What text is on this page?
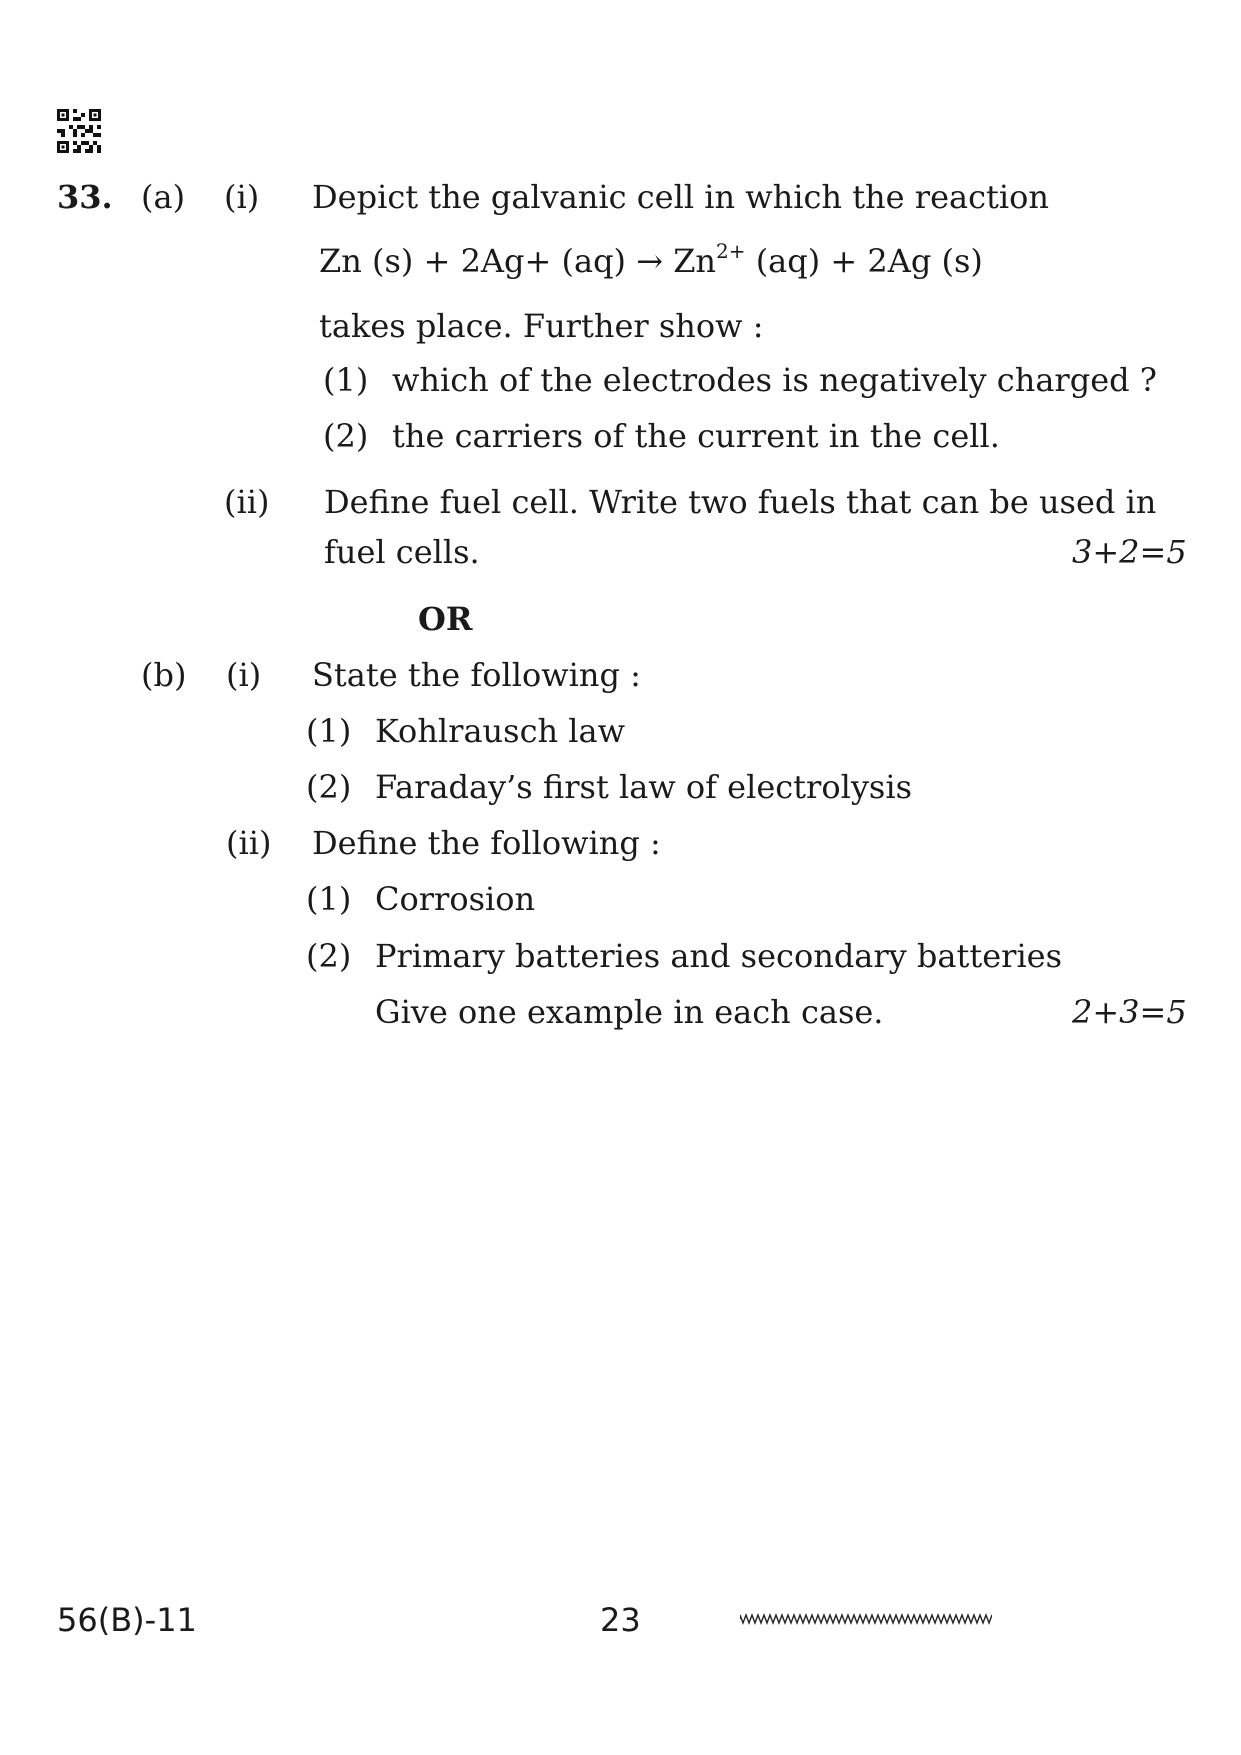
33. (a) (i) Depict the galvanic cell in which the reaction
Zn $(s) + 2Ag+ (aq) \to Zn^{2+}$ (aq) + 2Ag (s)
takes place. Further show :
(1) which of the electrodes is negatively charged ?
(2) the carriers of the current in the cell.
(ii) Define fuel cell. Write two fuels that can be used in
fuel cells.	3+2=5
OR
(b) (i) State the following :
(1) Kohlrausch law
(2) Faraday’s first law of electrolysis
(ii) Define the following :
(1) Corrosion
(2) Primary batteries and secondary batteries
Give one example in each case.	2+3=5
56(B)-11	23
